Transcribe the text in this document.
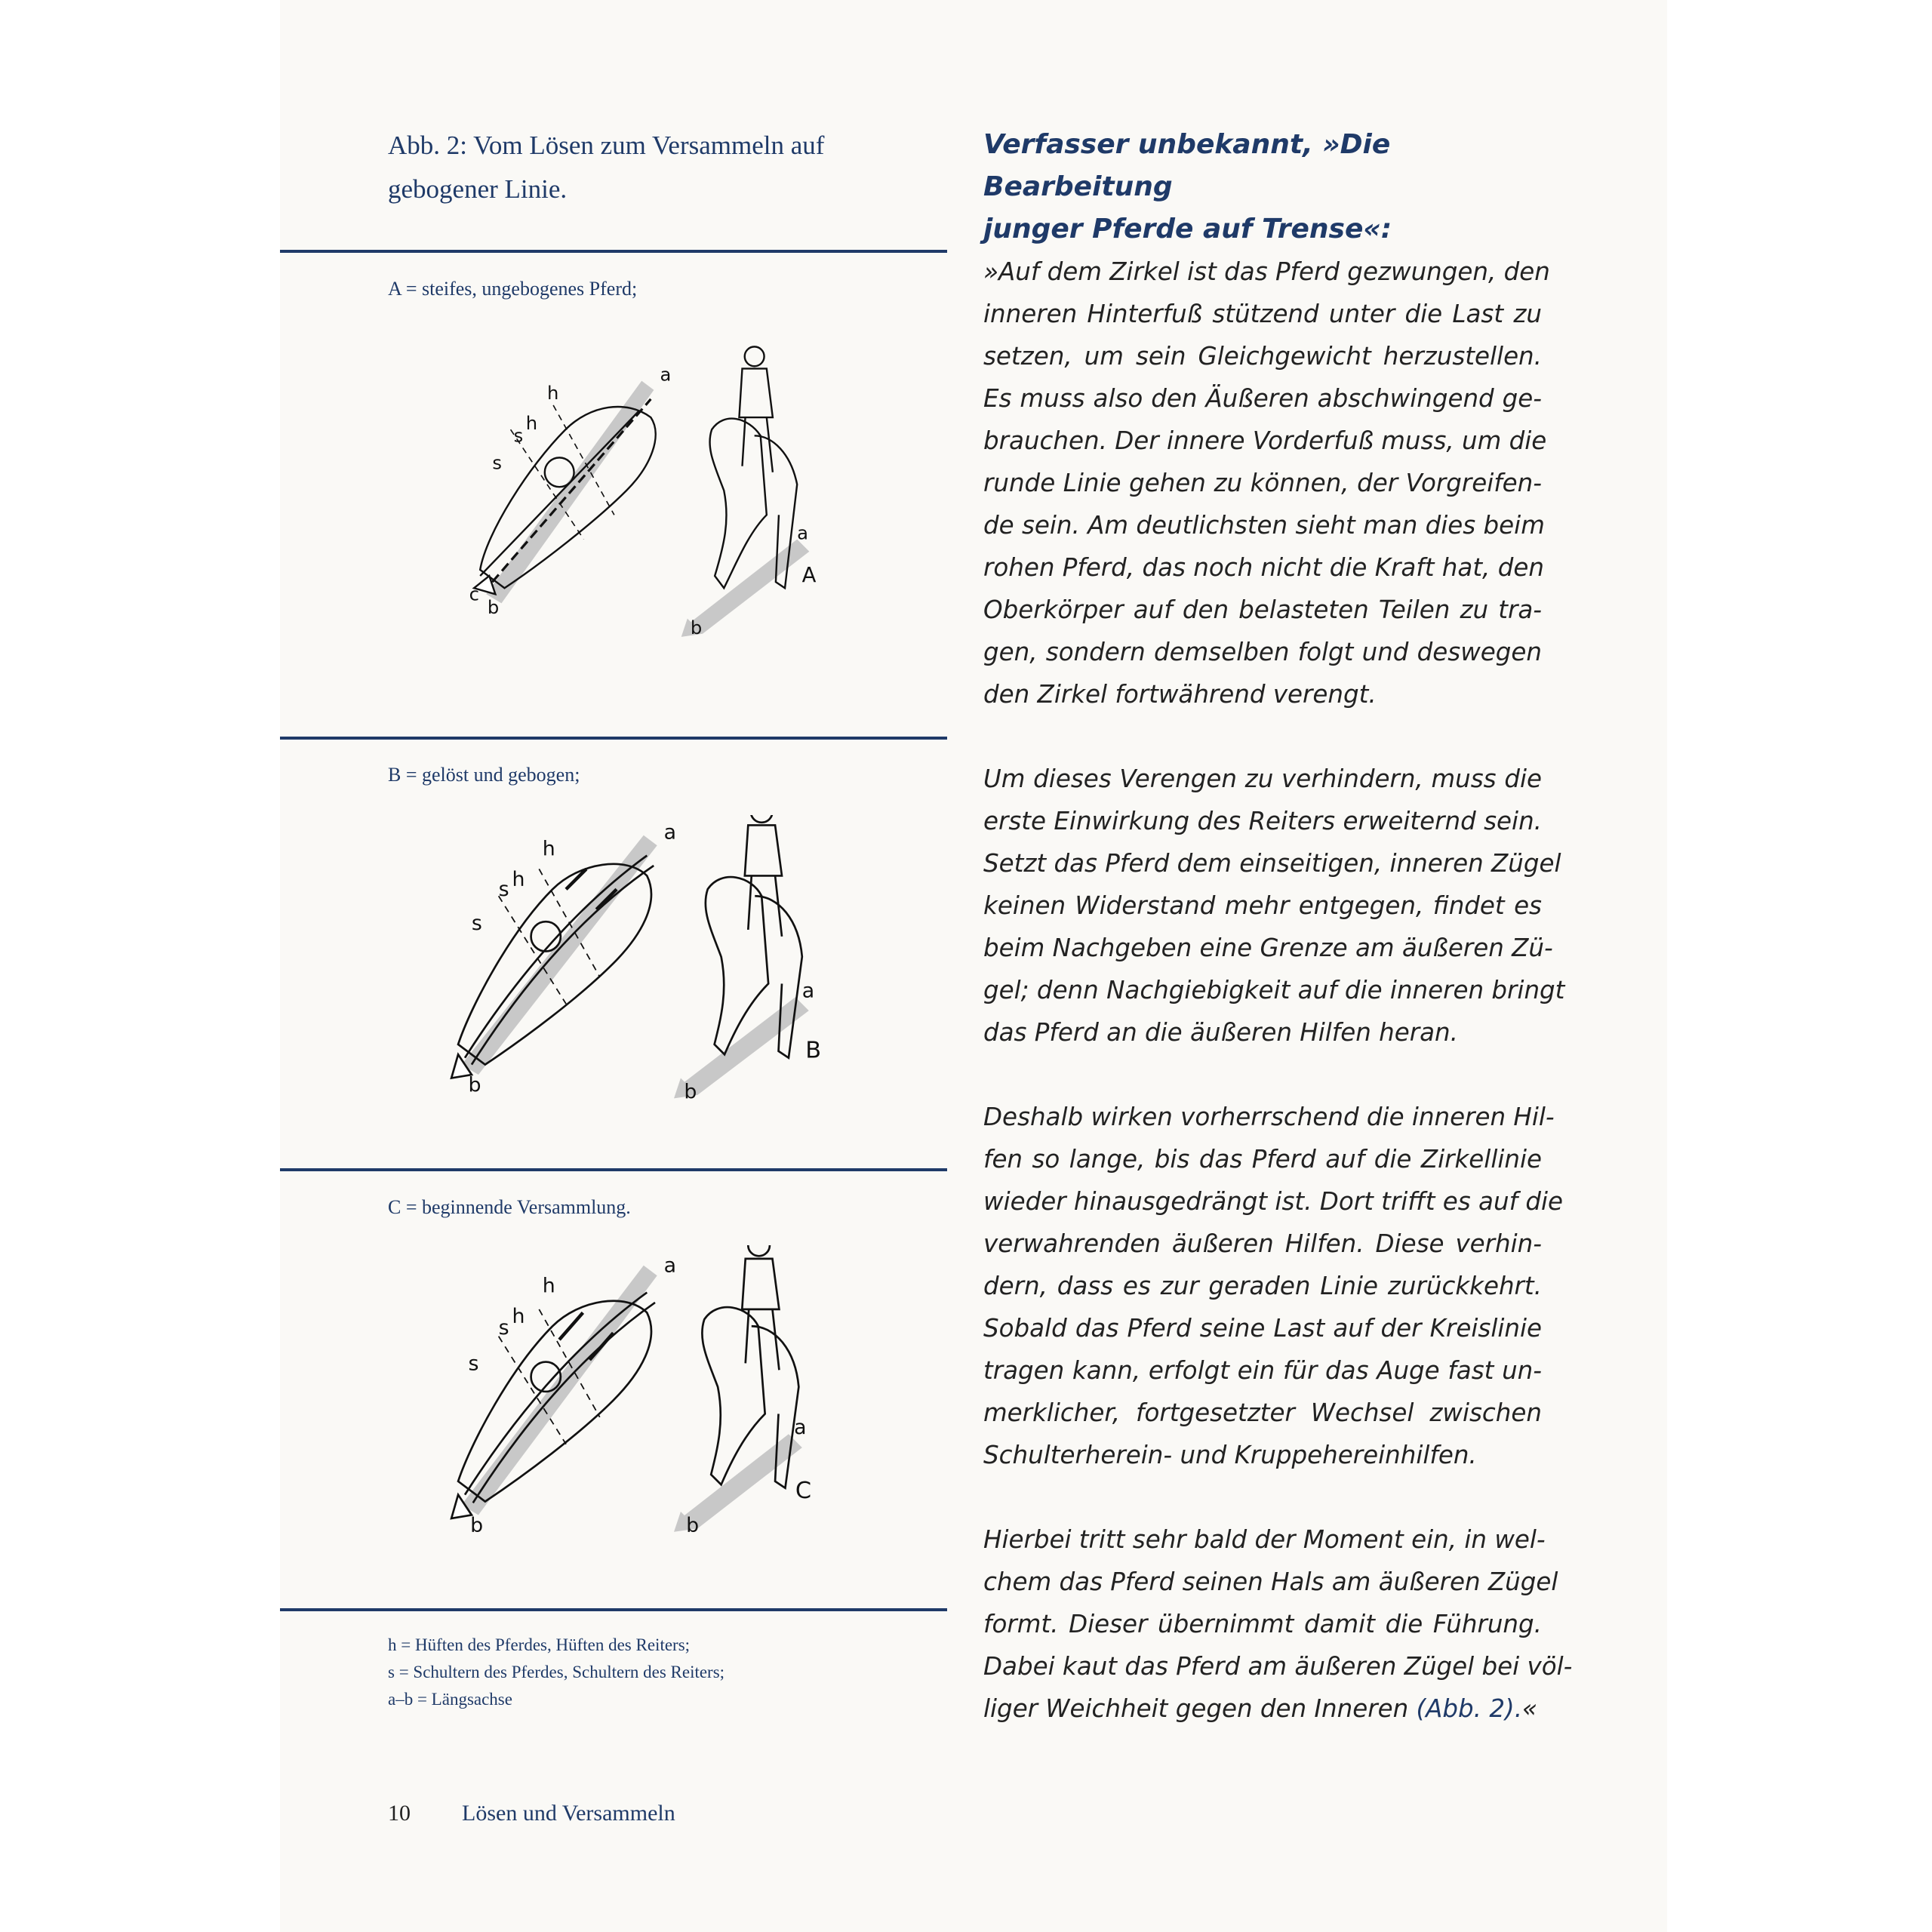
Abb. 2: Vom Lösen zum Versammeln auf
gebogener Linie.
A = steifes, ungebogenes Pferd;
c
b
a
h
h
s
s
a
b
A
B = gelöst und gebogen;
b
a
h
h
s
s
a
b
B
C = beginnende Versammlung.
b
a
h
h
s
s
a
b
C
h = Hüften des Pferdes, Hüften des Reiters;
s = Schultern des Pferdes, Schultern des Reiters;
a–b = Längsachse
10 Lösen und Versammeln
Verfasser unbekannt, »Die Bearbeitung
junger Pferde auf Trense«:
»Auf dem Zirkel ist das Pferd gezwungen, den
inneren Hinterfuß stützend unter die Last zu
setzen, um sein Gleichgewicht herzustellen.
Es muss also den Äußeren abschwingend ge-
brauchen. Der innere Vorderfuß muss, um die
runde Linie gehen zu können, der Vorgreifen-
de sein. Am deutlichsten sieht man dies beim
rohen Pferd, das noch nicht die Kraft hat, den
Oberkörper auf den belasteten Teilen zu tra-
gen, sondern demselben folgt und deswegen
den Zirkel fortwährend verengt.
Um dieses Verengen zu verhindern, muss die
erste Einwirkung des Reiters erweiternd sein.
Setzt das Pferd dem einseitigen, inneren Zügel
keinen Widerstand mehr entgegen, findet es
beim Nachgeben eine Grenze am äußeren Zü-
gel; denn Nachgiebigkeit auf die inneren bringt
das Pferd an die äußeren Hilfen heran.
Deshalb wirken vorherrschend die inneren Hil-
fen so lange, bis das Pferd auf die Zirkellinie
wieder hinausgedrängt ist. Dort trifft es auf die
verwahrenden äußeren Hilfen. Diese verhin-
dern, dass es zur geraden Linie zurückkehrt.
Sobald das Pferd seine Last auf der Kreislinie
tragen kann, erfolgt ein für das Auge fast un-
merklicher, fortgesetzter Wechsel zwischen
Schulterherein- und Kruppehereinhilfen.
Hierbei tritt sehr bald der Moment ein, in wel-
chem das Pferd seinen Hals am äußeren Zügel
formt. Dieser übernimmt damit die Führung.
Dabei kaut das Pferd am äußeren Zügel bei völ-
liger Weichheit gegen den Inneren (Abb. 2).«
